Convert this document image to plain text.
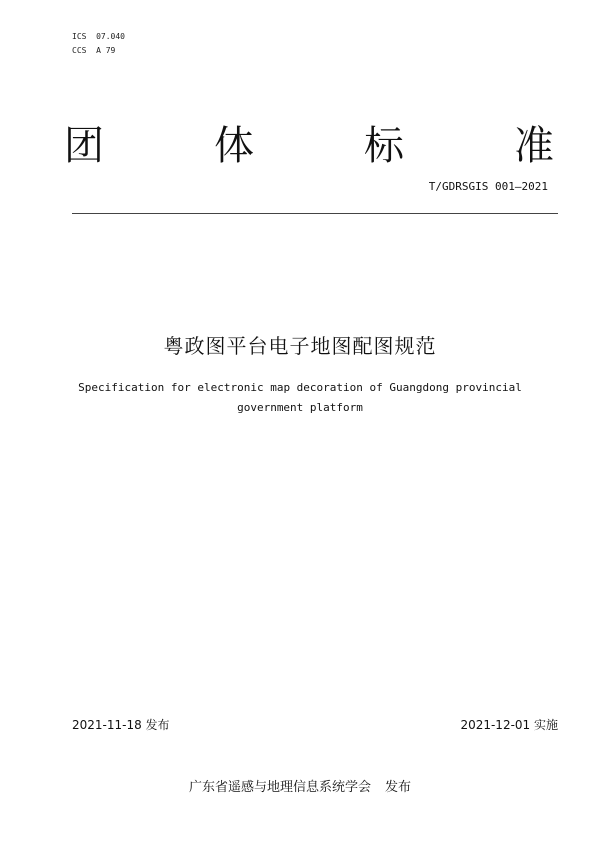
ICS  07.040
CCS  A 79
团	体	标	准
T/GDRSGIS 001—2021
粤政图平台电子地图配图规范
Specification for electronic map decoration of Guangdong provincial
government platform
2021-11-18 发布	2021-12-01 实施
广东省遥感与地理信息系统学会 发布
